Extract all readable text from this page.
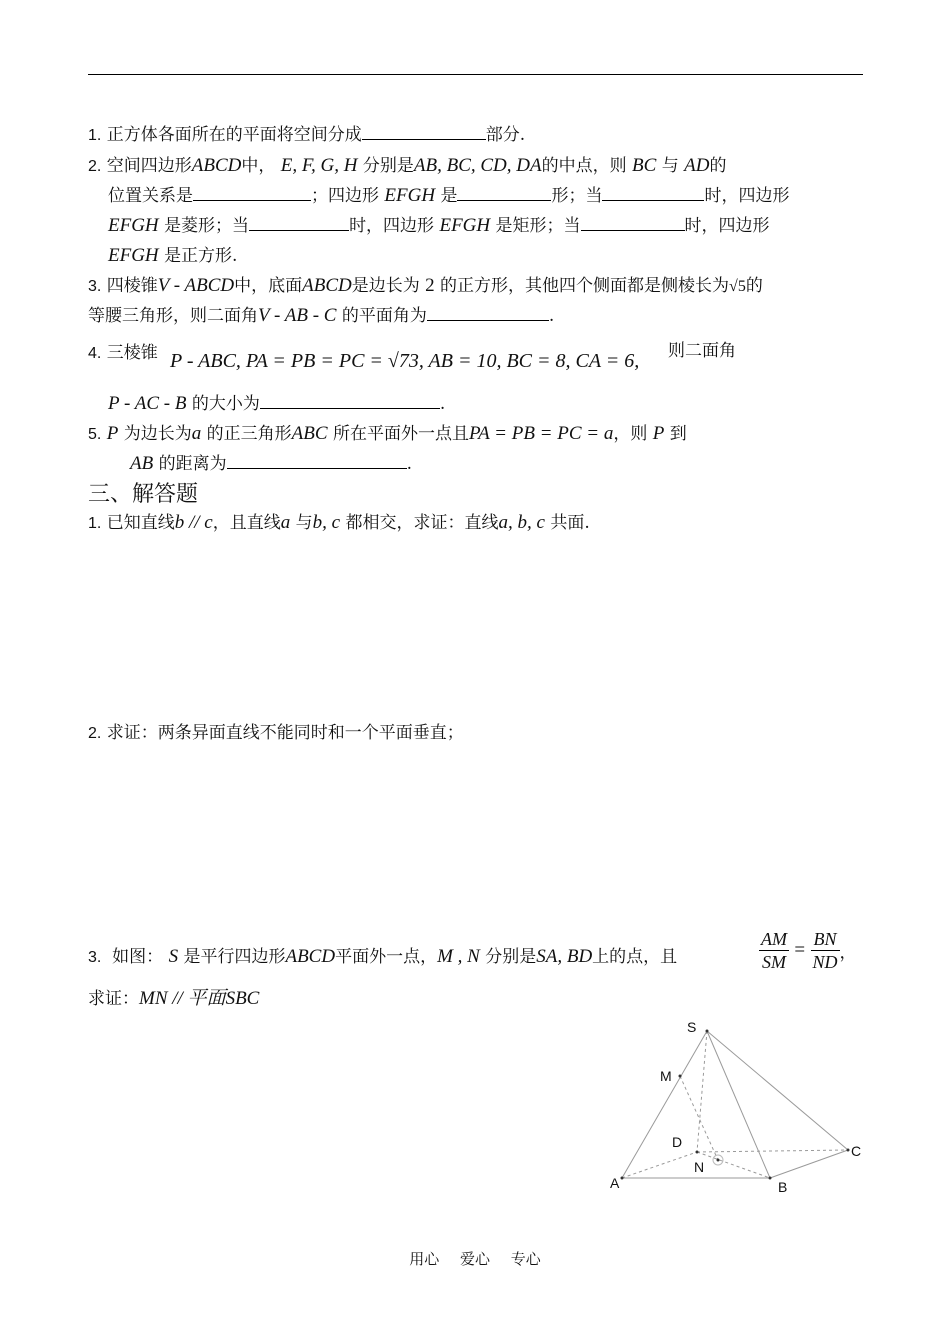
1. 正方体各面所在的平面将空间分成	部分.
2. 空间四边形ABCD中， E, F, G, H 分别是AB, BC, CD, DA的中点，则 BC 与 AD的
位置关系是	；四边形 EFGH 是	形；当	时，四边形
EFGH 是菱形；当	时，四边形 EFGH 是矩形；当	时，四边形
EFGH 是正方形.
3. 四棱锥V - ABCD中，底面ABCD是边长为 2 的正方形，其他四个侧面都是侧棱长为√5的
等腰三角形，则二面角V - AB - C 的平面角为	.
4. 三棱锥 P - ABC, PA = PB = PC = √73, AB = 10, BC = 8, CA = 6, 则二面角
P - AC - B 的大小为	.
5. P 为边长为a 的正三角形ABC 所在平面外一点且PA = PB = PC = a，则 P 到
AB 的距离为	.
三、解答题
1. 已知直线b // c，且直线a 与b, c 都相交，求证：直线a, b, c 共面.
2. 求证：两条异面直线不能同时和一个平面垂直；
3. 如图： S 是平行四边形ABCD平面外一点，M , N 分别是SA, BD上的点，且	$\frac{AM}{SM} = \frac{BN}{ND}$ ，
求证：MN // 平面SBC
S
M
D
N
A	B
C
用心 爱心 专心
